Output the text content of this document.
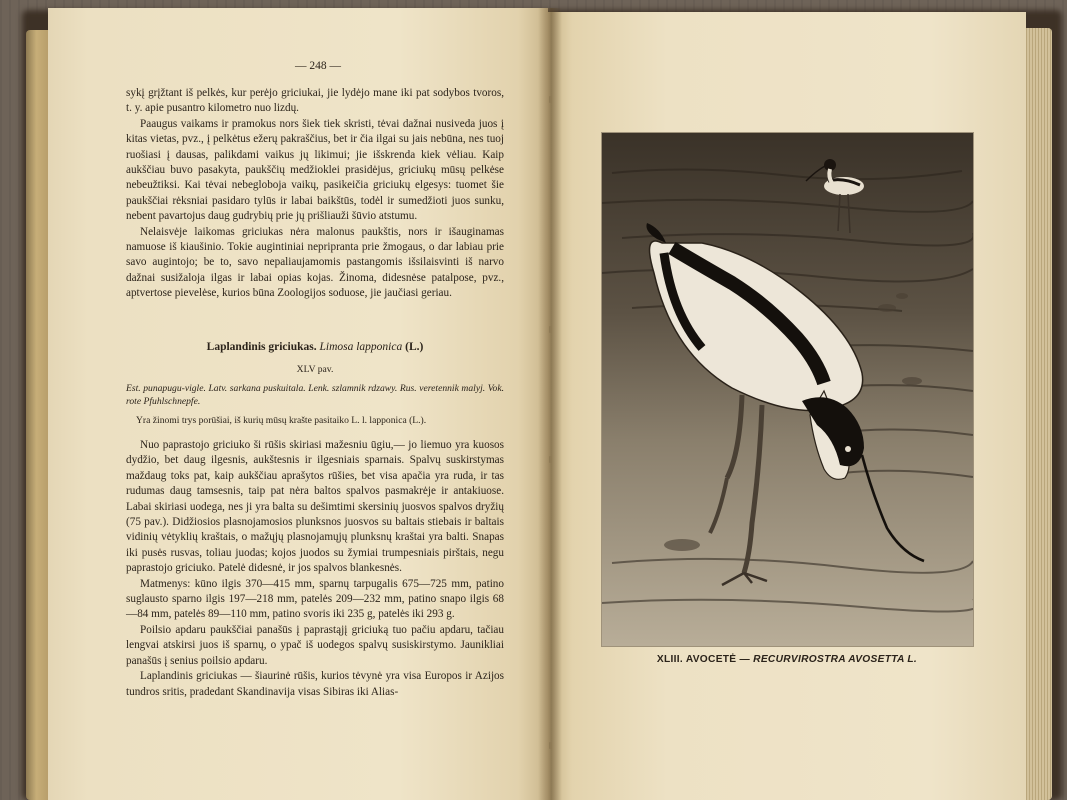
— 248 —

sykį grįžtant iš pelkės, kur perėjo griciukai, jie lydėjo mane iki pat sodybos tvoros, t. y. apie pusantro kilometro nuo lizdų.

Paaugus vaikams ir pramokus nors šiek tiek skristi, tėvai dažnai nusiveda juos į kitas vietas, pvz., į pelkėtus ežerų pakraščius, bet ir čia ilgai su jais nebūna, nes tuoj ruošiasi į dausas, palikdami vaikus jų likimui; jie išskrenda kiek vėliau. Kaip aukščiau buvo pasakyta, paukščių medžioklei prasidėjus, griciukų mūsų pelkėse nebeužtiksi. Kai tėvai nebegloboja vaikų, pasikeičia griciukų elgesys: tuomet šie paukščiai rėksniai pasidaro tylūs ir labai baikštūs, todėl ir sumedžioti juos sunku, nebent pavartojus daug gudrybių prie jų prišliauži šūvio atstumu.

Nelaisvėje laikomas griciukas nėra malonus paukštis, nors ir išauginamas namuose iš kiaušinio. Tokie augintiniai nepripranta prie žmogaus, o dar labiau prie savo augintojo; be to, savo nepaliaujamomis pastangomis išsilaisvinti iš narvo dažnai susižaloja ilgas ir labai opias kojas. Žinoma, didesnėse patalpose, pvz., aptvertose pievelėse, kurios būna Zoologijos soduose, jie jaučiasi geriau.

Laplandinis griciukas. Limosa lapponica (L.)

XLV pav.

Est. punapugu-vigle. Latv. sarkana puskuitala. Lenk. szlamnik rdzawy. Rus. veretennik malyj. Vok. rote Pfuhlschnepfe.

Yra žinomi trys porūšiai, iš kurių mūsų krašte pasitaiko L. l. lapponica (L.).

Nuo paprastojo griciuko ši rūšis skiriasi mažesniu ūgiu,— jo liemuo yra kuosos dydžio, bet daug ilgesnis, aukštesnis ir ilgesniais sparnais. Spalvų suskirstymas maždaug toks pat, kaip aukščiau aprašytos rūšies, bet visa apačia yra ruda, ir tas rudumas daug tamsesnis, taip pat nėra baltos spalvos pasmakrėje ir antakiuose. Labai skiriasi uodega, nes ji yra balta su dešimtimi skersinių juosvos spalvos dryžių (75 pav.). Didžiosios plasnojamosios plunksnos juosvos su baltais stiebais ir baltais vidinių vėtyklių kraštais, o mažųjų plasnojamųjų plunksnų kraštai yra balti. Snapas iki pusės rusvas, toliau juodas; kojos juodos su žymiai trumpesniais pirštais, negu paprastojo griciuko. Patelė didesnė, ir jos spalvos blankesnės.

Matmenys: kūno ilgis 370—415 mm, sparnų tarpugalis 675—725 mm, patino suglausto sparno ilgis 197—218 mm, patelės 209—232 mm, patino snapo ilgis 68—84 mm, patelės 89—110 mm, patino svoris iki 235 g, patelės iki 293 g.

Poilsio apdaru paukščiai panašūs į paprastąjį griciuką tuo pačiu apdaru, tačiau lengvai atskirsi juos iš sparnų, o ypač iš uodegos spalvų susiskirstymo. Jaunikliai panašūs į senius poilsio apdaru.

Laplandinis griciukas — šiaurinė rūšis, kurios tėvynė yra visa Europos ir Azijos tundros sritis, pradedant Skandinavija visas Sibiras iki Alias-

XLIII. AVOCETĖ — RECURVIROSTRA AVOSETTA L.
